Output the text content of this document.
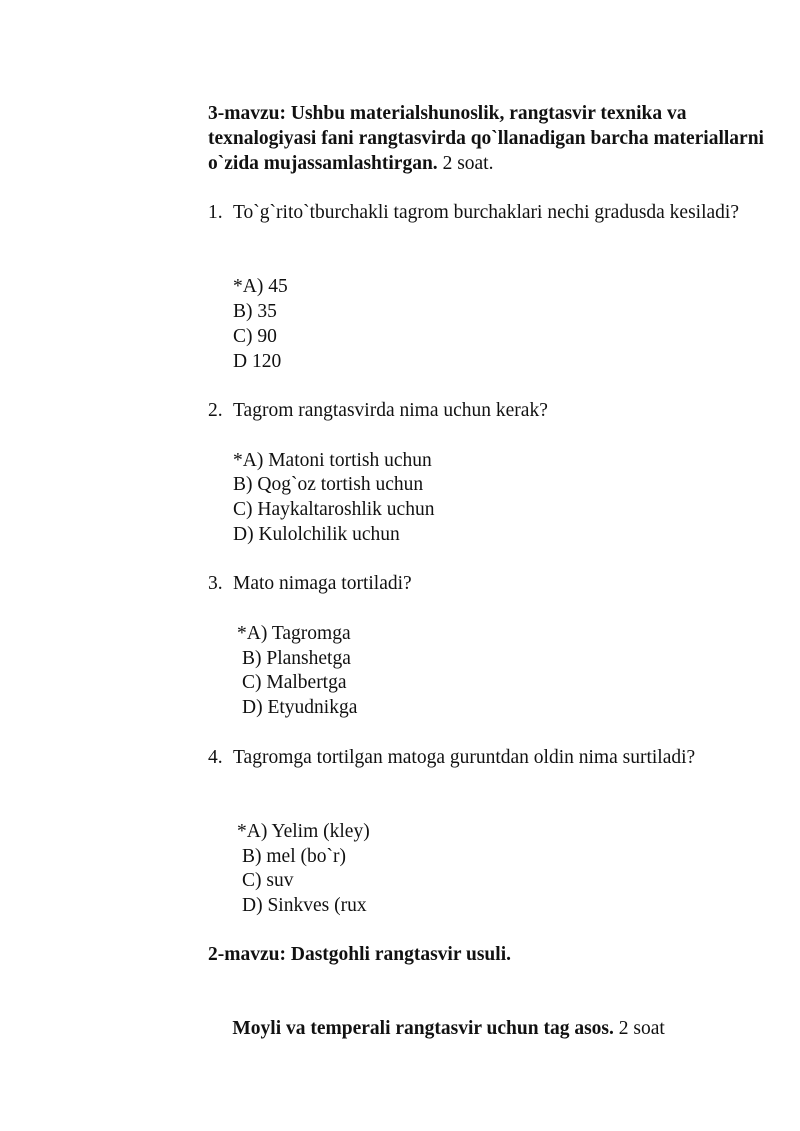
3-mavzu: Ushbu materialshunoslik, rangtasvir texnika va texnalogiyasi fani rangtasvirda qo`llanadigan barcha materiallarni o`zida mujassamlashtirgan. 2 soat.
1. To`g`rito`tburchakli tagrom burchaklari nechi gradusda kesiladi?
*A) 45
B) 35
C) 90
D 120
2. Tagrom rangtasvirda nima uchun kerak?
*A) Matoni tortish uchun
B) Qog`oz tortish uchun
C) Haykaltaroshlik uchun
D) Kulolchilik uchun
3. Mato nimaga tortiladi?
*A) Tagromga
B) Planshetga
C) Malbertga
D) Etyudnikga
4. Tagromga tortilgan matoga guruntdan oldin nima surtiladi?
*A) Yelim (kley)
B) mel (bo`r)
C) suv
D) Sinkves (rux
2-mavzu: Dastgohli rangtasvir usuli.

Moyli va temperali rangtasvir uchun tag asos. 2 soat
